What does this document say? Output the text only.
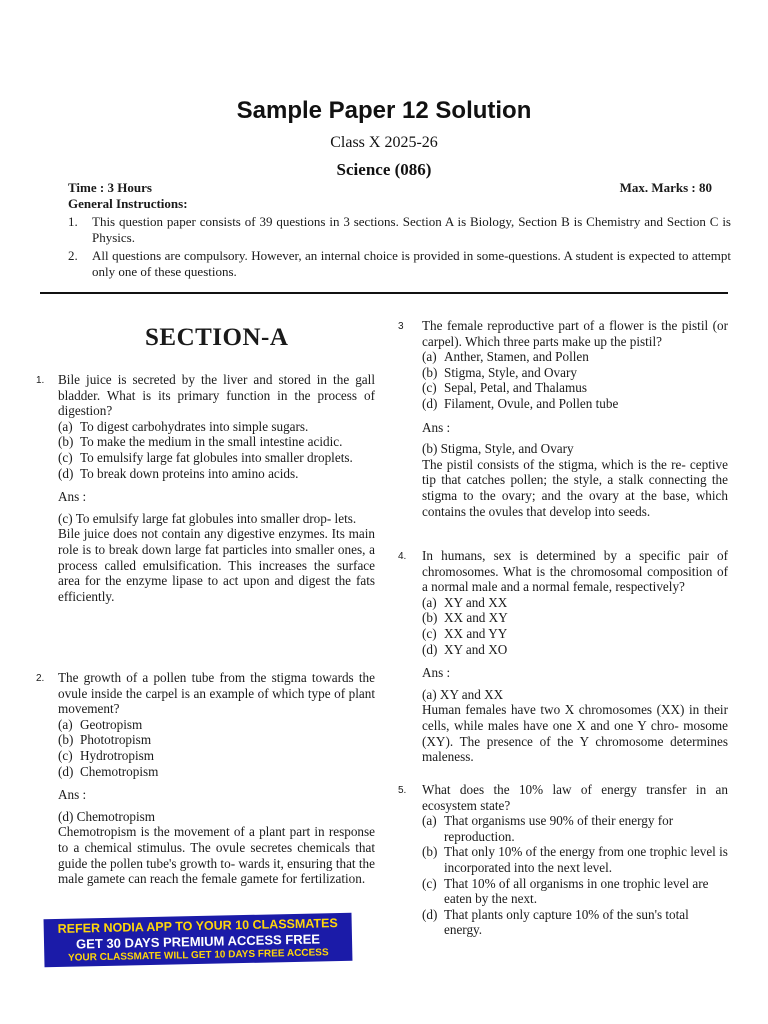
Sample Paper 12 Solution
Class X 2025-26
Science (086)
Time : 3 Hours	Max. Marks : 80
General Instructions:
1. This question paper consists of 39 questions in 3 sections. Section A is Biology, Section B is Chemistry and Section C is Physics.
2. All questions are compulsory. However, an internal choice is provided in some-questions. A student is expected to attempt only one of these questions.
SECTION-A
1. Bile juice is secreted by the liver and stored in the gall bladder. What is its primary function in the process of digestion?
(a) To digest carbohydrates into simple sugars.
(b) To make the medium in the small intestine acidic.
(c) To emulsify large fat globules into smaller droplets.
(d) To break down proteins into amino acids.
Ans :
(c) To emulsify large fat globules into smaller drop- lets.
Bile juice does not contain any digestive enzymes. Its main role is to break down large fat particles into smaller ones, a process called emulsification. This increases the surface area for the enzyme lipase to act upon and digest the fats efficiently.
2. The growth of a pollen tube from the stigma towards the ovule inside the carpel is an example of which type of plant movement?
(a) Geotropism
(b) Phototropism
(c) Hydrotropism
(d) Chemotropism
Ans :
(d) Chemotropism
Chemotropism is the movement of a plant part in response to a chemical stimulus. The ovule secretes chemicals that guide the pollen tube's growth to- wards it, ensuring that the male gamete can reach the female gamete for fertilization.
3 The female reproductive part of a flower is the pistil (or carpel). Which three parts make up the pistil?
(a) Anther, Stamen, and Pollen
(b) Stigma, Style, and Ovary
(c) Sepal, Petal, and Thalamus
(d) Filament, Ovule, and Pollen tube
Ans :
(b) Stigma, Style, and Ovary
The pistil consists of the stigma, which is the re- ceptive tip that catches pollen; the style, a stalk connecting the stigma to the ovary; and the ovary at the base, which contains the ovules that develop into seeds.
4. In humans, sex is determined by a specific pair of chromosomes. What is the chromosomal composition of a normal male and a normal female, respectively?
(a) XY and XX
(b) XX and XY
(c) XX and YY
(d) XY and XO
Ans :
(a) XY and XX
Human females have two X chromosomes (XX) in their cells, while males have one X and one Y chro- mosome (XY). The presence of the Y chromosome determines maleness.
5. What does the 10% law of energy transfer in an ecosystem state?
(a) That organisms use 90% of their energy for reproduction.
(b) That only 10% of the energy from one trophic level is incorporated into the next level.
(c) That 10% of all organisms in one trophic level are eaten by the next.
(d) That plants only capture 10% of the sun's total energy.
REFER NODIA APP TO YOUR 10 CLASSMATES
GET 30 DAYS PREMIUM ACCESS FREE
YOUR CLASSMATE WILL GET 10 DAYS FREE ACCESS
